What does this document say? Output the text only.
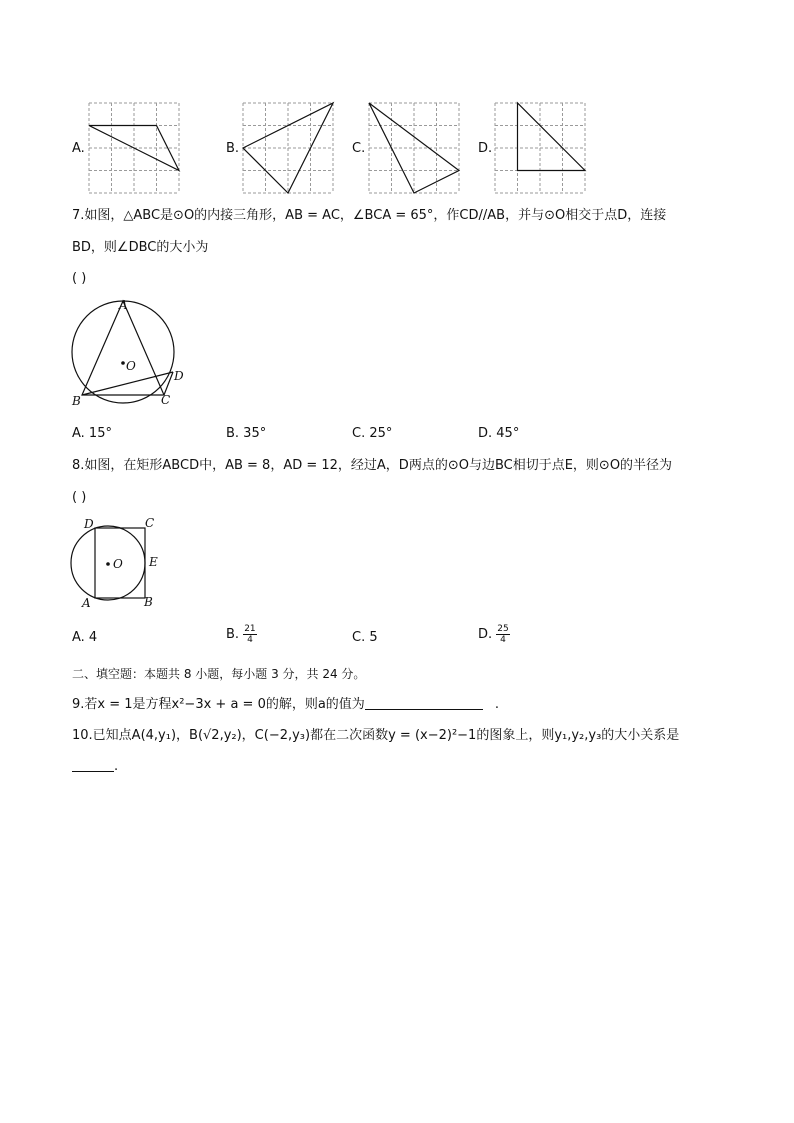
A.	B.	C.	D.
7.如图，△ABC是⊙O的内接三角形，AB = AC，∠BCA = 65°，作CD//AB，并与⊙O相交于点D，连接
BD，则∠DBC的大小为
( )
A
O
D
B	C
A. 15°	B. 35°	C. 25°	D. 45°
8.如图，在矩形ABCD中，AB = 8，AD = 12，经过A，D两点的⊙O与边BC相切于点E，则⊙O的半径为
( )
D	C
O E
A	B
A. 4	B. $\frac{21}{4}$	C. 5	D. $\frac{25}{4}$
二、填空题：本题共 8 小题，每小题 3 分，共 24 分。
9.若x = 1是方程x²−3x + a = 0的解，则a的值为	.
10.已知点A(4,y₁)，B(√2,y₂)，C(−2,y₃)都在二次函数y = (x−2)²−1的图象上，则y₁,y₂,y₃的大小关系是
.
